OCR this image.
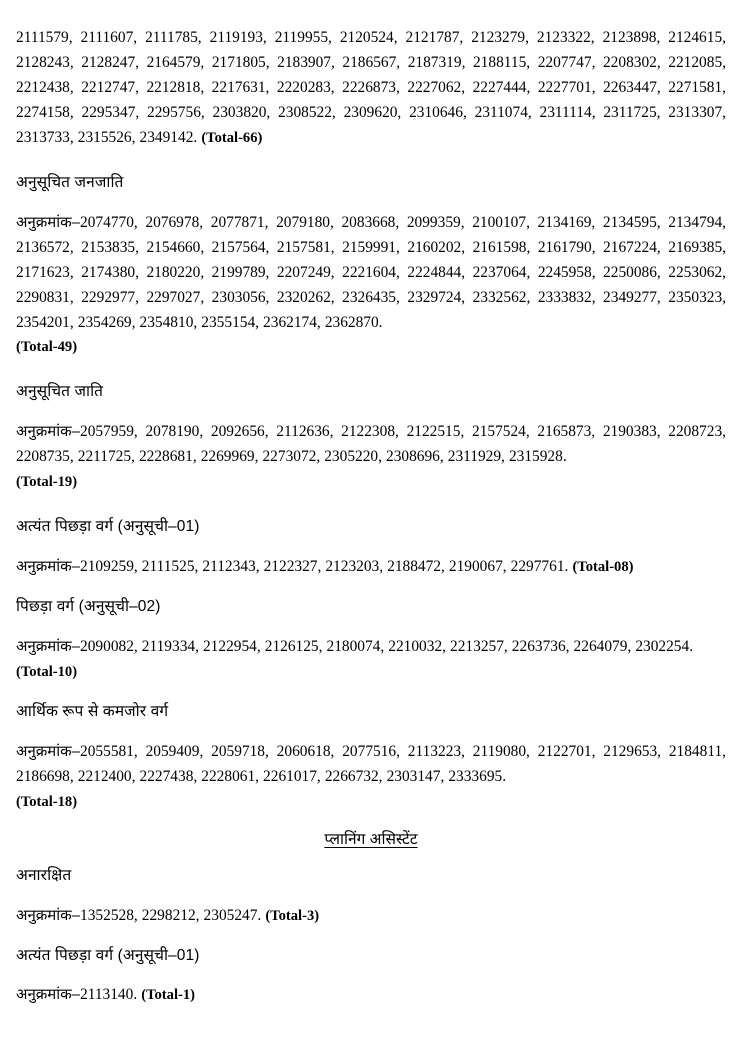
2111579, 2111607, 2111785, 2119193, 2119955, 2120524, 2121787, 2123279, 2123322, 2123898, 2124615, 2128243, 2128247, 2164579, 2171805, 2183907, 2186567, 2187319, 2188115, 2207747, 2208302, 2212085, 2212438, 2212747, 2212818, 2217631, 2220283, 2226873, 2227062, 2227444, 2227701, 2263447, 2271581, 2274158, 2295347, 2295756, 2303820, 2308522, 2309620, 2310646, 2311074, 2311114, 2311725, 2313307, 2313733, 2315526, 2349142. (Total-66)

अनुसूचित जनजाति

अनुक्रमांक–2074770, 2076978, 2077871, 2079180, 2083668, 2099359, 2100107, 2134169, 2134595, 2134794, 2136572, 2153835, 2154660, 2157564, 2157581, 2159991, 2160202, 2161598, 2161790, 2167224, 2169385, 2171623, 2174380, 2180220, 2199789, 2207249, 2221604, 2224844, 2237064, 2245958, 2250086, 2253062, 2290831, 2292977, 2297027, 2303056, 2320262, 2326435, 2329724, 2332562, 2333832, 2349277, 2350323, 2354201, 2354269, 2354810, 2355154, 2362174, 2362870.
(Total-49)

अनुसूचित जाति

अनुक्रमांक–2057959, 2078190, 2092656, 2112636, 2122308, 2122515, 2157524, 2165873, 2190383, 2208723, 2208735, 2211725, 2228681, 2269969, 2273072, 2305220, 2308696, 2311929, 2315928.
(Total-19)

अत्यंत पिछड़ा वर्ग (अनुसूची–01)

अनुक्रमांक–2109259, 2111525, 2112343, 2122327, 2123203, 2188472, 2190067, 2297761. (Total-08)

पिछड़ा वर्ग (अनुसूची–02)

अनुक्रमांक–2090082, 2119334, 2122954, 2126125, 2180074, 2210032, 2213257, 2263736, 2264079, 2302254. (Total-10)

आर्थिक रूप से कमजोर वर्ग

अनुक्रमांक–2055581, 2059409, 2059718, 2060618, 2077516, 2113223, 2119080, 2122701, 2129653, 2184811, 2186698, 2212400, 2227438, 2228061, 2261017, 2266732, 2303147, 2333695.
(Total-18)

प्लानिंग असिस्टेंट
अनारक्षित

अनुक्रमांक–1352528, 2298212, 2305247. (Total-3)

अत्यंत पिछड़ा वर्ग (अनुसूची–01)

अनुक्रमांक–2113140. (Total-1)
